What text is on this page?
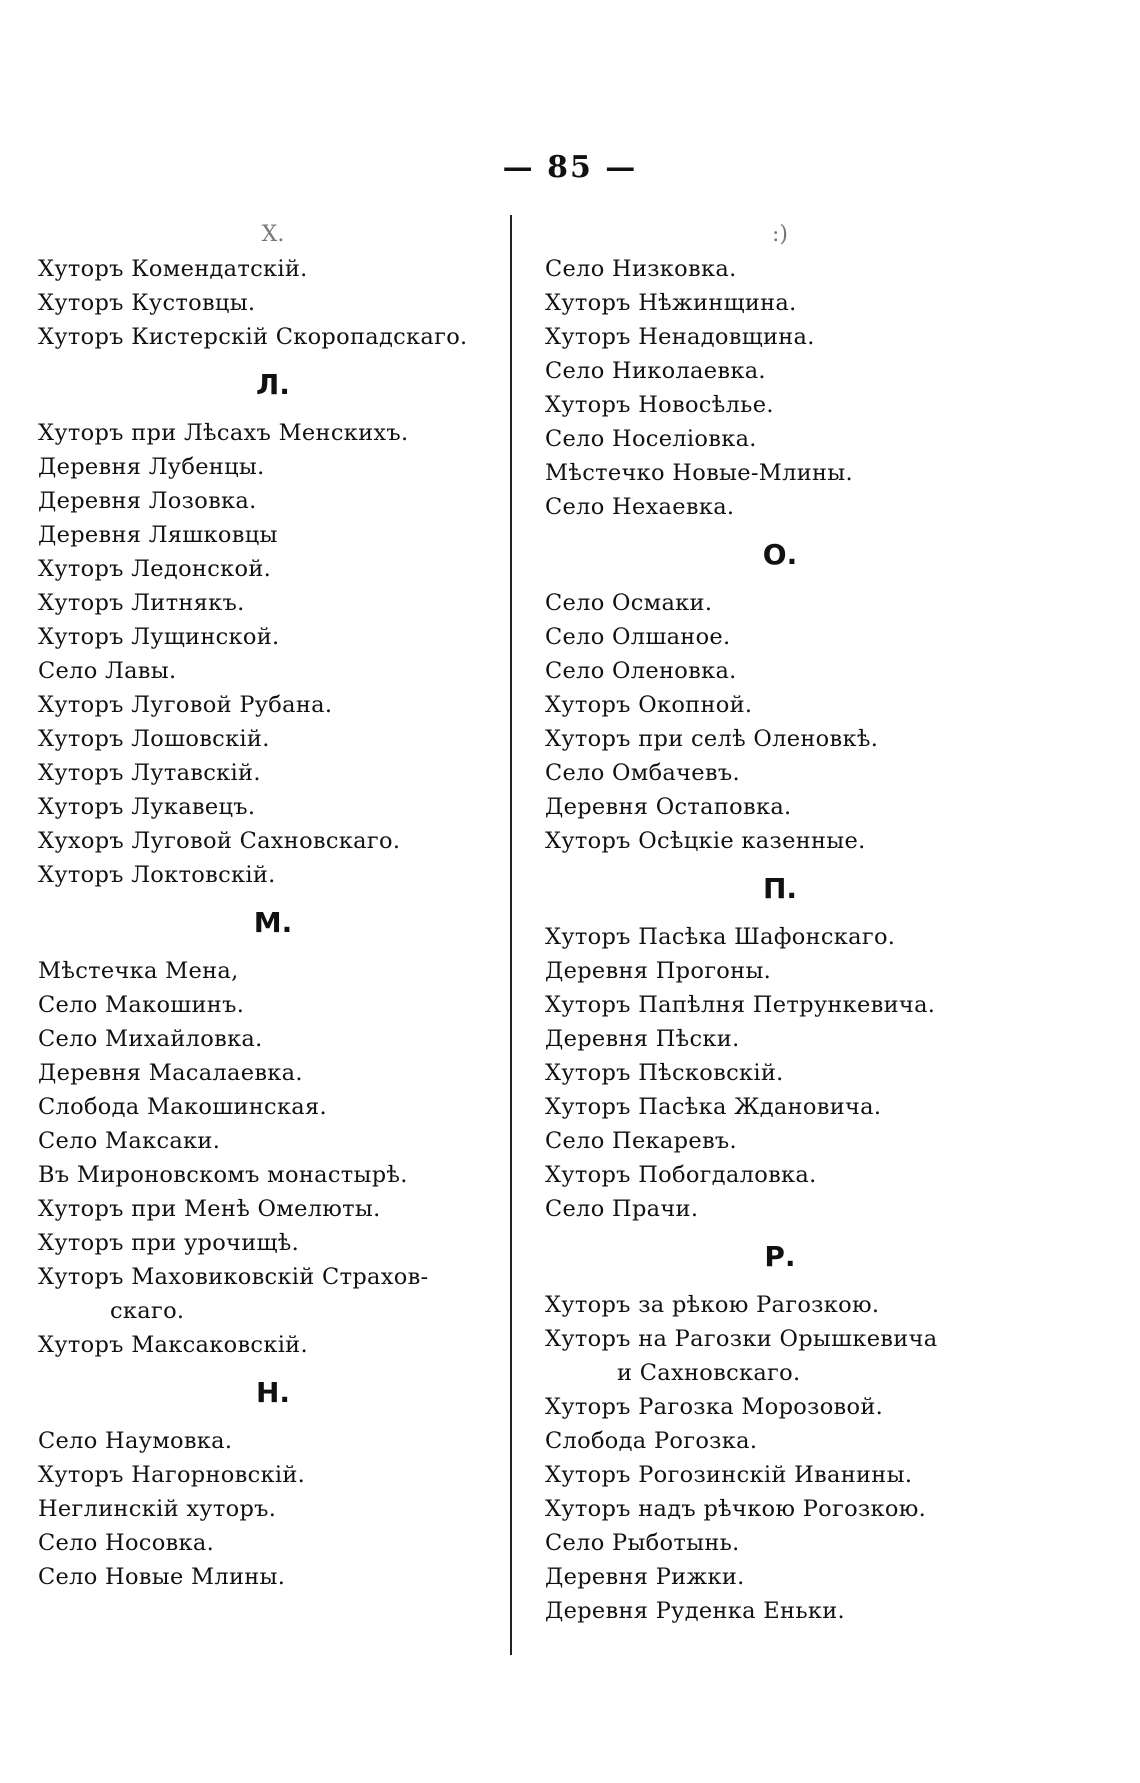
— 85 —
Х.
Хуторъ Комендатскій.
Хуторъ Кустовцы.
Хуторъ Кистерскій Скоропадскаго.
Л.
Хуторъ при Лѣсахъ Менскихъ.
Деревня Лубенцы.
Деревня Лозовка.
Деревня Ляшковцы
Хуторъ Ледонской.
Хуторъ Литнякъ.
Хуторъ Лущинской.
Село Лавы.
Хуторъ Луговой Рубана.
Хуторъ Лошовскій.
Хуторъ Лутавскій.
Хуторъ Лукавецъ.
Хухоръ Луговой Сахновскаго.
Хуторъ Локтовскій.
М.
Мѣстечка Мена,
Село Макошинъ.
Село Михайловка.
Деревня Масалаевка.
Слобода Макошинская.
Село Максаки.
Въ Мироновскомъ монастырѣ.
Хуторъ при Менѣ Омелюты.
Хуторъ при урочищѣ.
Хуторъ Маховиковскій Страхов-
скаго.
Хуторъ Максаковскій.
Н.
Село Наумовка.
Хуторъ Нагорновскій.
Неглинскій хуторъ.
Село Носовка.
Село Новые Млины.
:)
Село Низковка.
Хуторъ Нѣжинщина.
Хуторъ Ненадовщина.
Село Николаевка.
Хуторъ Новосѣлье.
Село Носелiовка.
Мѣстечко Новые-Млины.
Село Нехаевка.
О.
Село Осмаки.
Село Олшаное.
Село Оленовка.
Хуторъ Окопной.
Хуторъ при селѣ Оленовкѣ.
Село Омбачевъ.
Деревня Остаповка.
Хуторъ Осѣцкіе казенные.
П.
Хуторъ Пасѣка Шафонскаго.
Деревня Прогоны.
Хуторъ Папѣлня Петрункевича.
Деревня Пѣски.
Хуторъ Пѣсковскій.
Хуторъ Пасѣка Ждановича.
Село Пекаревъ.
Хуторъ Побогдаловка.
Село Прачи.
Р.
Хуторъ за рѣкою Рагозкою.
Хуторъ на Рагозки Орышкевича
и Сахновскаго.
Хуторъ Рагозка Морозовой.
Слобода Рогозка.
Хуторъ Рогозинскій Иванины.
Хуторъ надъ рѣчкою Рогозкою.
Село Рыботынь.
Деревня Рижки.
Деревня Руденка Еньки.
